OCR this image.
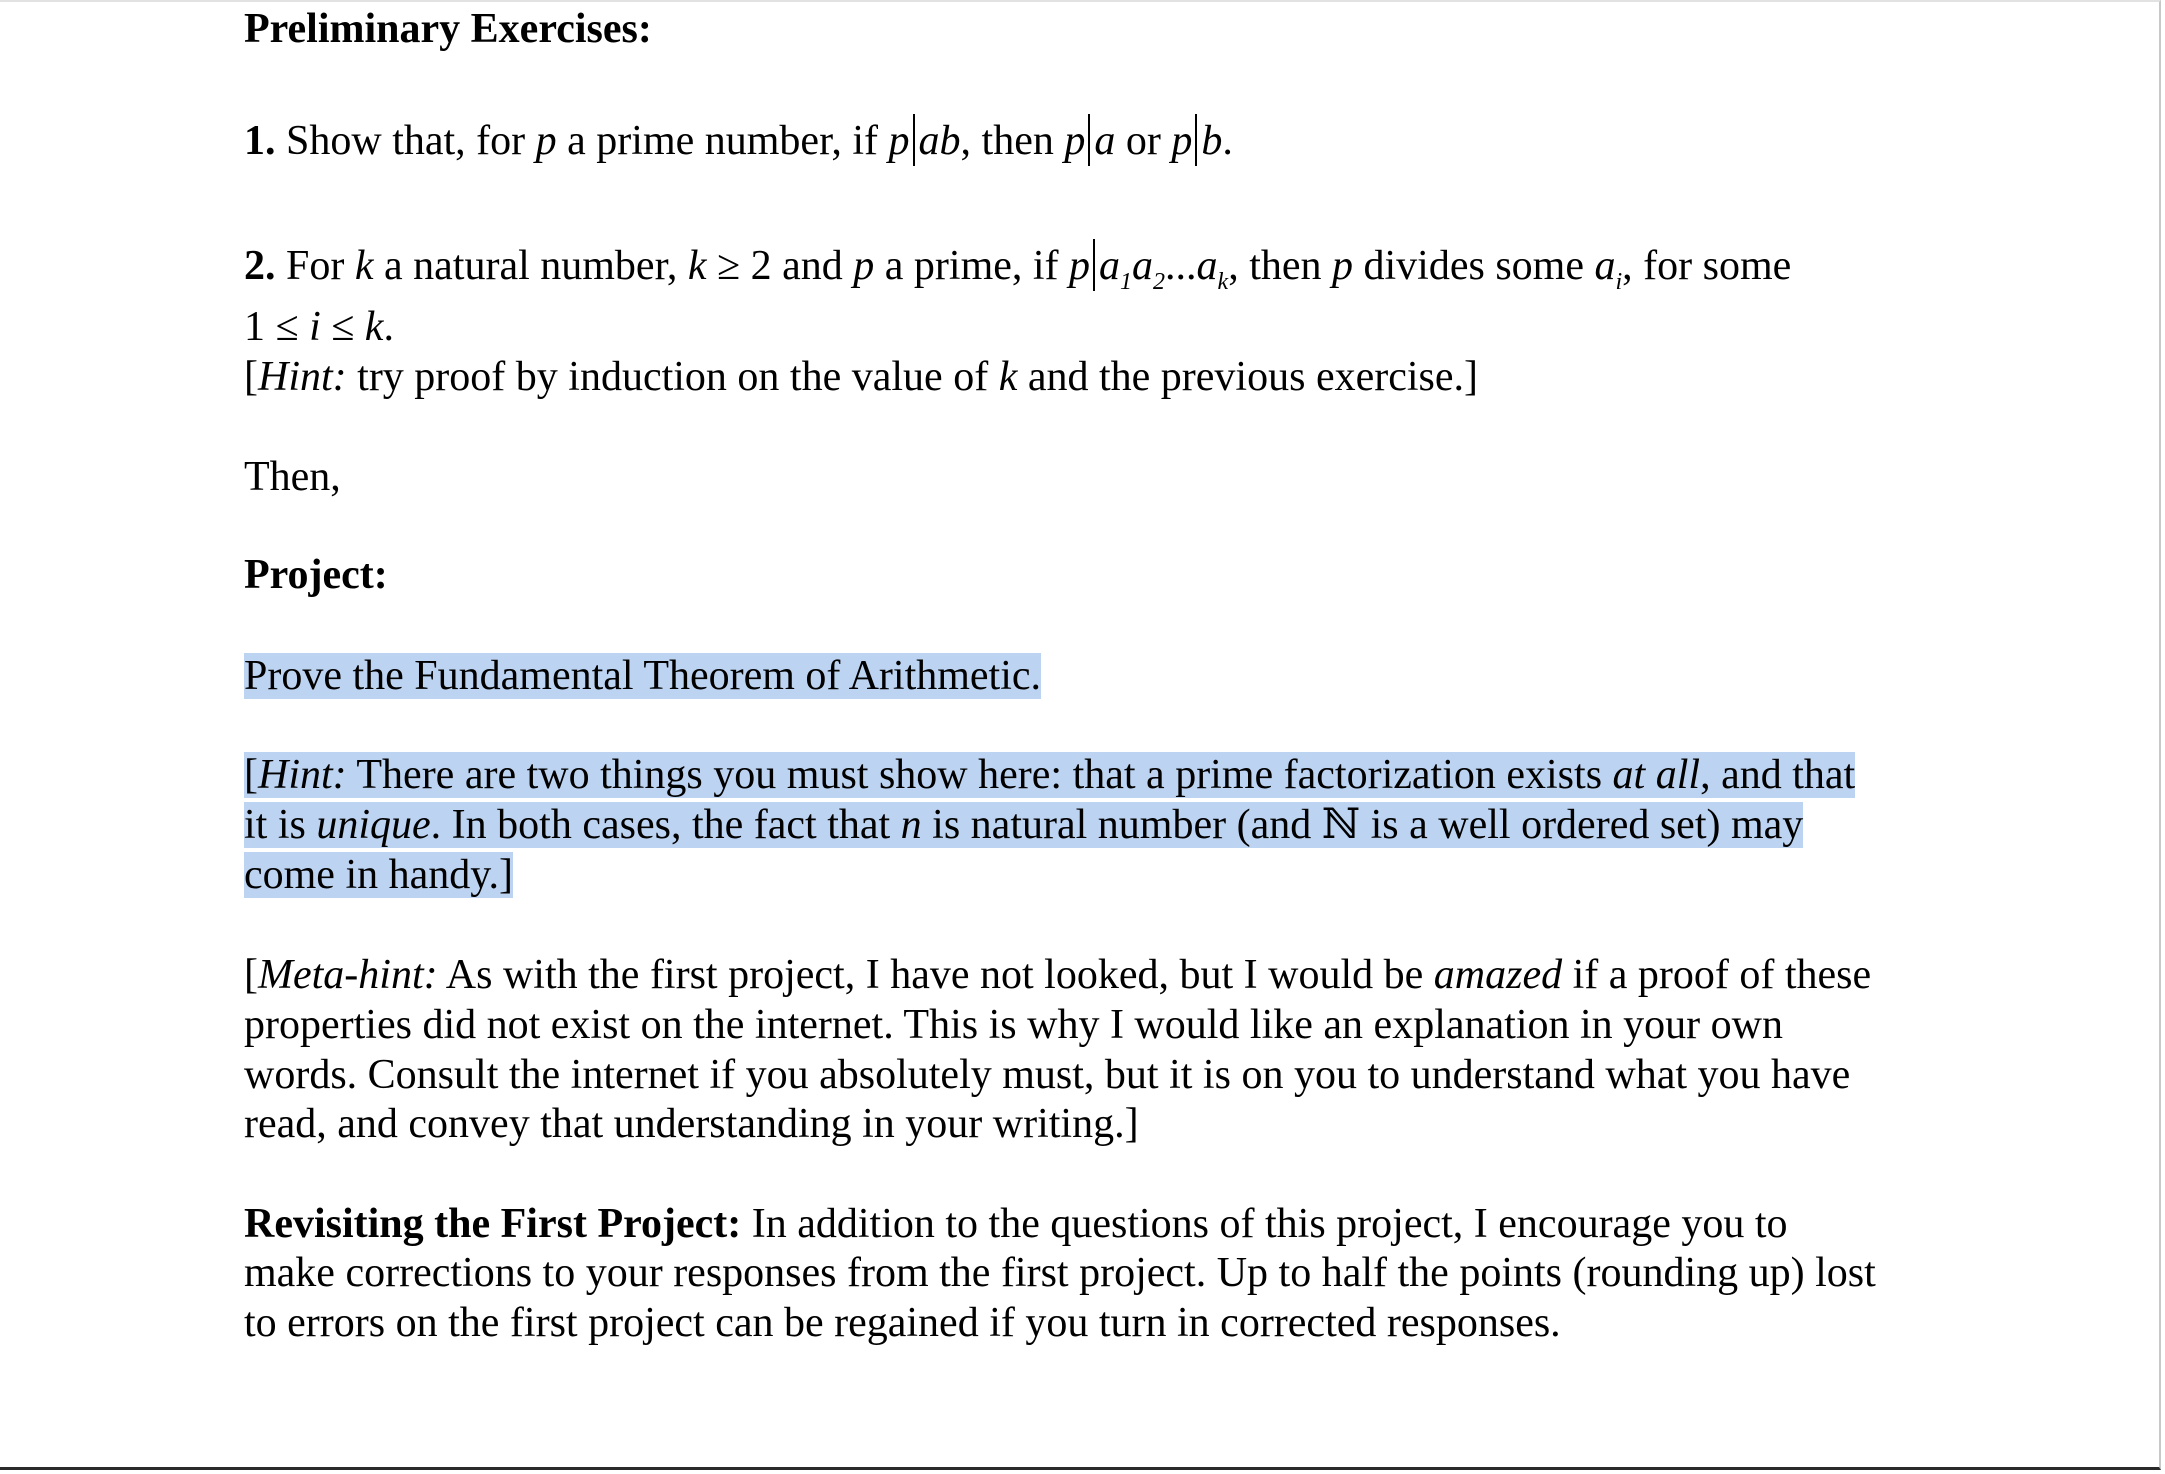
Preliminary Exercises:

1. Show that, for p a prime number, if p ab, then p a or p b.

2. For k a natural number, k ≥ 2 and p a prime, if p $a_1a_2...a_k$, then p divides some $a_i$, for some

1 ≤ i ≤ k.

[Hint: try proof by induction on the value of k and the previous exercise.]

Then,

Project:

Prove the Fundamental Theorem of Arithmetic.

[Hint: There are two things you must show here: that a prime factorization exists at all, and that

it is unique. In both cases, the fact that n is natural number (and ℕ is a well ordered set) may

come in handy.]

[Meta-hint: As with the first project, I have not looked, but I would be amazed if a proof of these

properties did not exist on the internet. This is why I would like an explanation in your own

words. Consult the internet if you absolutely must, but it is on you to understand what you have

read, and convey that understanding in your writing.]

Revisiting the First Project: In addition to the questions of this project, I encourage you to

make corrections to your responses from the first project. Up to half the points (rounding up) lost

to errors on the first project can be regained if you turn in corrected responses.
